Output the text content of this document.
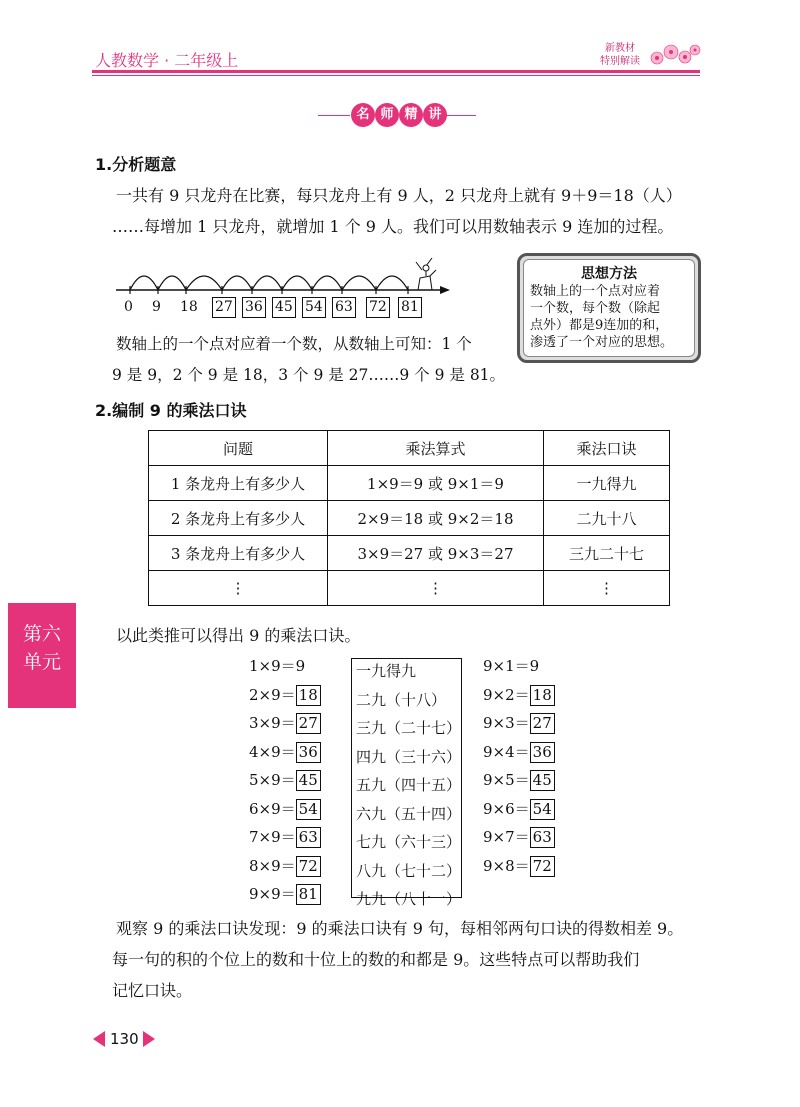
人教数学 · 二年级上
新教材
特别解读
名 师 精 讲
1.分析题意
一共有 9 只龙舟在比赛，每只龙舟上有 9 人，2 只龙舟上就有 9＋9＝18（人）
……每增加 1 只龙舟，就增加 1 个 9 人。我们可以用数轴表示 9 连加的过程。
0 9 18 27 36 45 54 63 72 81
思想方法
数轴上的一个点对应着
一个数，每个数（除起
点外）都是9连加的和，
渗透了一个对应的思想。
数轴上的一个点对应着一个数，从数轴上可知：1 个
9 是 9，2 个 9 是 18，3 个 9 是 27……9 个 9 是 81。
2.编制 9 的乘法口诀
问题	乘法算式	乘法口诀
1 条龙舟上有多少人	1×9＝9 或 9×1＝9	一九得九
2 条龙舟上有多少人	2×9＝18 或 9×2＝18	二九十八
3 条龙舟上有多少人	3×9＝27 或 9×3＝27	三九二十七
⋮	⋮	⋮
以此类推可以得出 9 的乘法口诀。
1×9＝9
2×9＝ 18
3×9＝ 27
4×9＝ 36
5×9＝ 45
6×9＝ 54
7×9＝ 63
8×9＝ 72
9×9＝ 81
一九得九
二九（十八）
三九（二十七）
四九（三十六）
五九（四十五）
六九（五十四）
七九（六十三）
八九（七十二）
九九（八十一）
9×1＝9
9×2＝ 18
9×3＝ 27
9×4＝ 36
9×5＝ 45
9×6＝ 54
9×7＝ 63
9×8＝ 72
观察 9 的乘法口诀发现：9 的乘法口诀有 9 句，每相邻两句口诀的得数相差 9。
每一句的积的个位上的数和十位上的数的和都是 9。这些特点可以帮助我们
记忆口诀。
第六
单元
130
